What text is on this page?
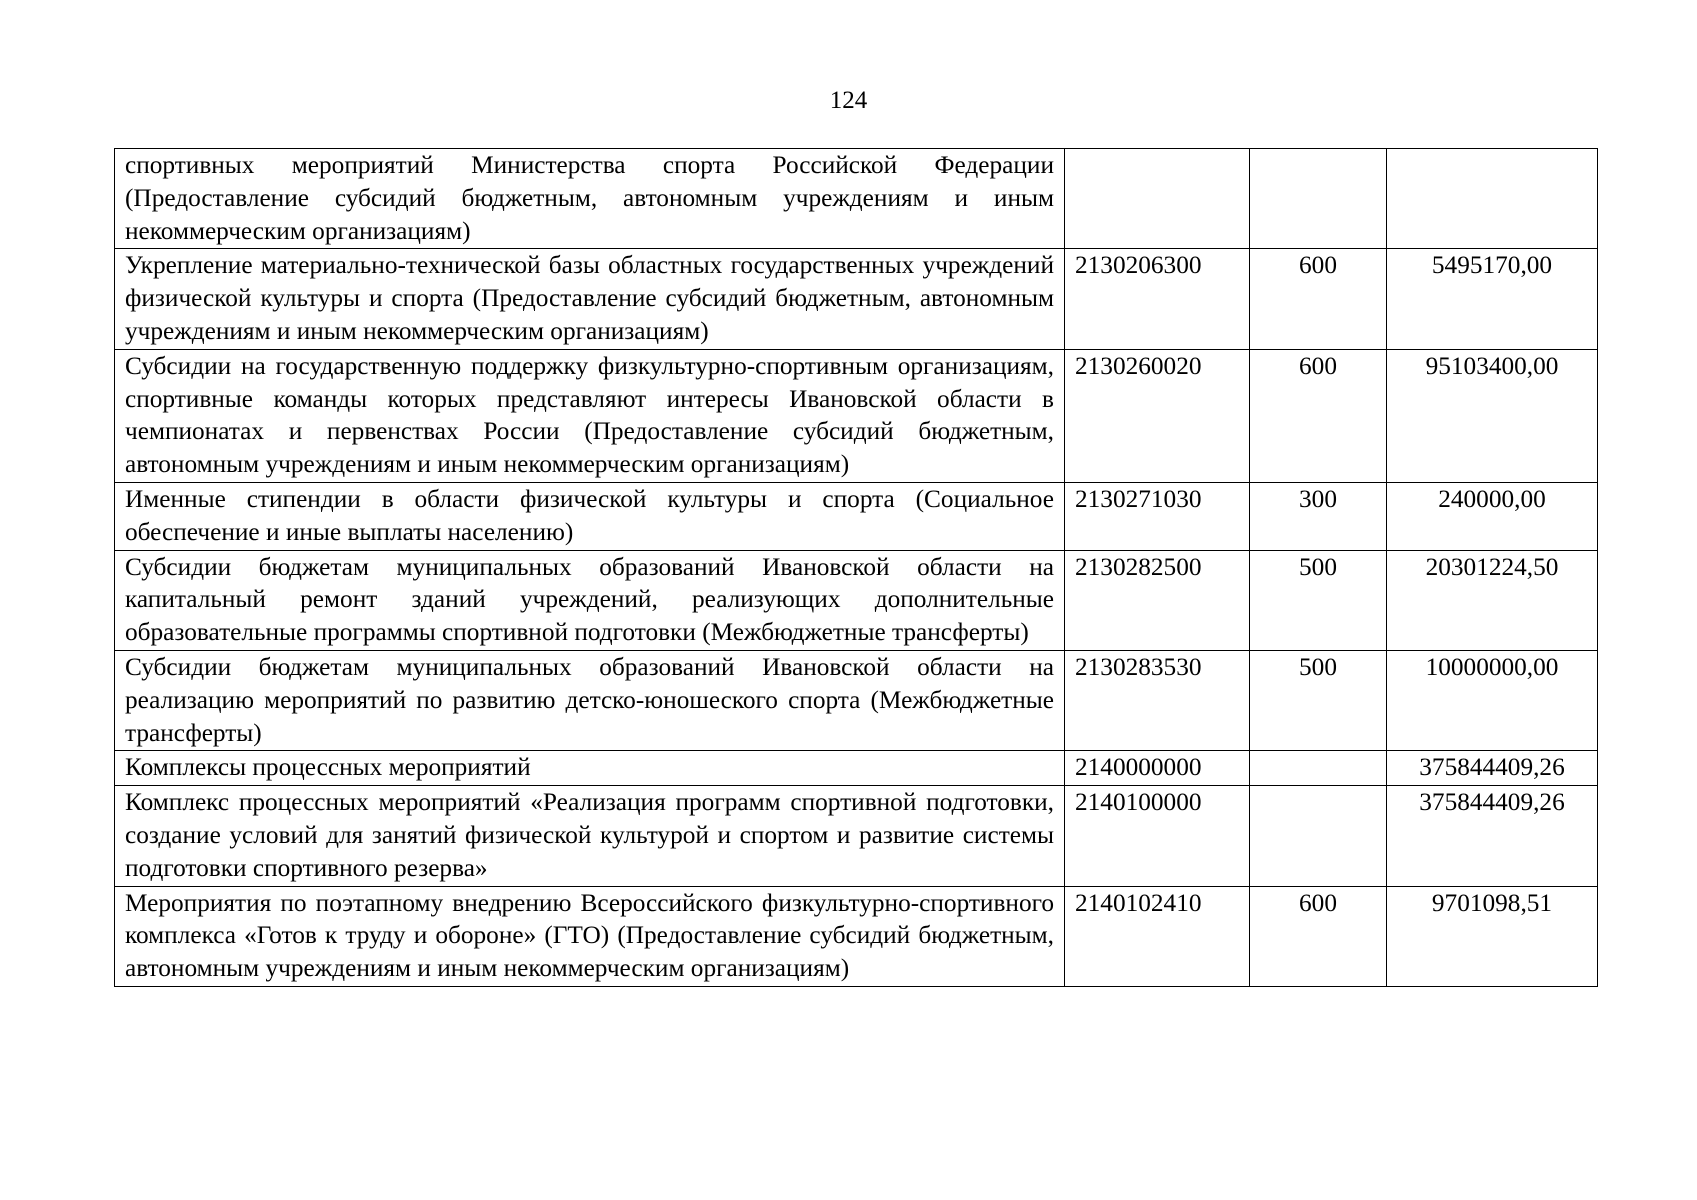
124
спортивных мероприятий Министерства спорта Российской Федерации (Предоставление субсидий бюджетным, автономным учреждениям и иным некоммерческим организациям)			
Укрепление материально-технической базы областных государственных учреждений физической культуры и спорта (Предоставление субсидий бюджетным, автономным учреждениям и иным некоммерческим организациям)	2130206300	600	5495170,00
Субсидии на государственную поддержку физкультурно-спортивным организациям, спортивные команды которых представляют интересы Ивановской области в чемпионатах и первенствах России (Предоставление субсидий бюджетным, автономным учреждениям и иным некоммерческим организациям)	2130260020	600	95103400,00
Именные стипендии в области физической культуры и спорта (Социальное обеспечение и иные выплаты населению)	2130271030	300	240000,00
Субсидии бюджетам муниципальных образований Ивановской области на капитальный ремонт зданий учреждений, реализующих дополнительные образовательные программы спортивной подготовки (Межбюджетные трансферты)	2130282500	500	20301224,50
Субсидии бюджетам муниципальных образований Ивановской области на реализацию мероприятий по развитию детско-юношеского спорта (Межбюджетные трансферты)	2130283530	500	10000000,00
Комплексы процессных мероприятий	2140000000		375844409,26
Комплекс процессных мероприятий «Реализация программ спортивной подготовки, создание условий для занятий физической культурой и спортом и развитие системы подготовки спортивного резерва»	2140100000		375844409,26
Мероприятия по поэтапному внедрению Всероссийского физкультурно-спортивного комплекса «Готов к труду и обороне» (ГТО) (Предоставление субсидий бюджетным, автономным учреждениям и иным некоммерческим организациям)	2140102410	600	9701098,51
